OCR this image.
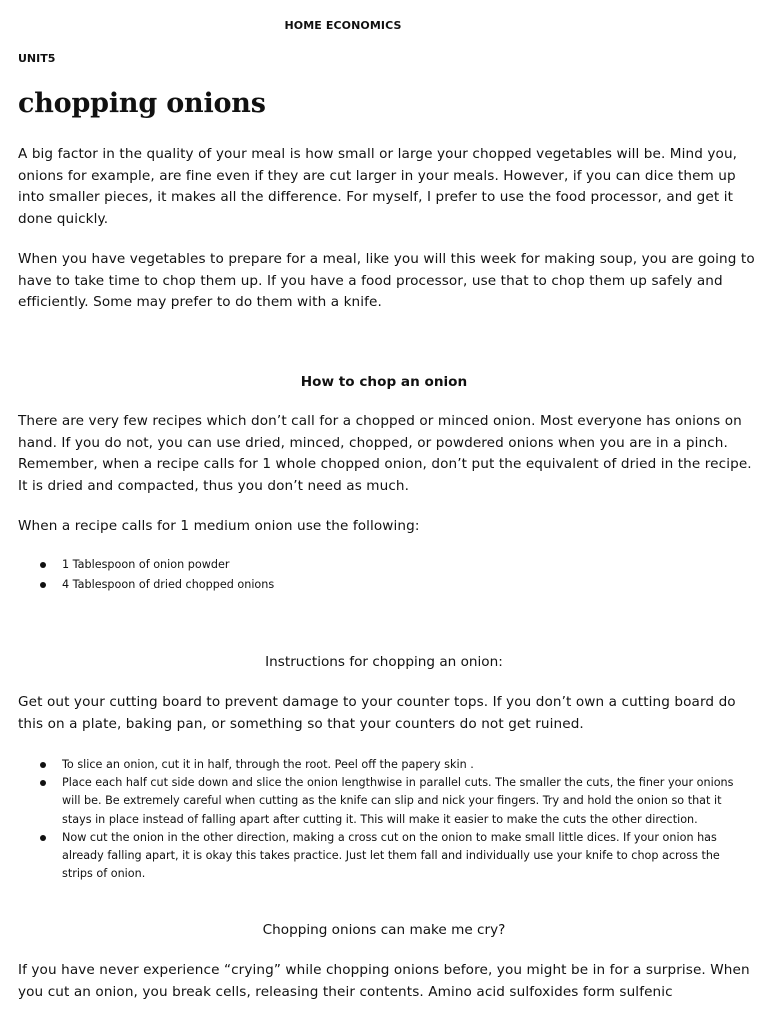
HOME ECONOMICS
UNIT5
chopping onions

A big factor in the quality of your meal is how small or large your chopped vegetables will be. Mind you, onions for example, are fine even if they are cut larger in your meals. However, if you can dice them up into smaller pieces, it makes all the difference. For myself, I prefer to use the food processor, and get it done quickly.

When you have vegetables to prepare for a meal, like you will this week for making soup, you are going to have to take time to chop them up. If you have a food processor, use that to chop them up safely and efficiently. Some may prefer to do them with a knife.

How to chop an onion

There are very few recipes which don’t call for a chopped or minced onion. Most everyone has onions on hand. If you do not, you can use dried, minced, chopped, or powdered onions when you are in a pinch. Remember, when a recipe calls for 1 whole chopped onion, don’t put the equivalent of dried in the recipe. It is dried and compacted, thus you don’t need as much.

When a recipe calls for 1 medium onion use the following:

1 Tablespoon of onion powder
4 Tablespoon of dried chopped onions
Instructions for chopping an onion:

Get out your cutting board to prevent damage to your counter tops. If you don’t own a cutting board do this on a plate, baking pan, or something so that your counters do not get ruined.

To slice an onion, cut it in half, through the root. Peel off the papery skin .
Place each half cut side down and slice the onion lengthwise in parallel cuts. The smaller the cuts, the finer your onions will be. Be extremely careful when cutting as the knife can slip and nick your fingers. Try and hold the onion so that it stays in place instead of falling apart after cutting it. This will make it easier to make the cuts the other direction.
Now cut the onion in the other direction, making a cross cut on the onion to make small little dices. If your onion has already falling apart, it is okay this takes practice. Just let them fall and individually use your knife to chop across the strips of onion.
Chopping onions can make me cry?

If you have never experience “crying” while chopping onions before, you might be in for a surprise. When you cut an onion, you break cells, releasing their contents. Amino acid sulfoxides form sulfenic
